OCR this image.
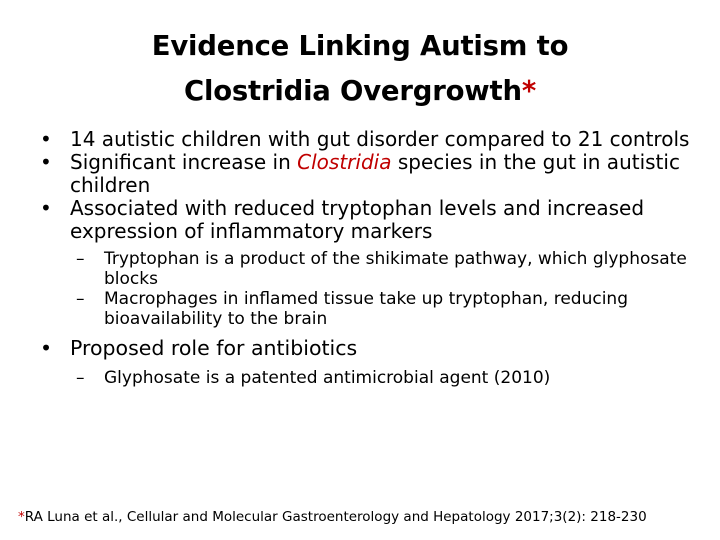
Evidence Linking Autism to
Clostridia Overgrowth*
• 14 autistic children with gut disorder compared to 21 controls
• Significant increase in Clostridia species in the gut in autistic children
• Associated with reduced tryptophan levels and increased expression of inflammatory markers
– Tryptophan is a product of the shikimate pathway, which glyphosate blocks
– Macrophages in inflamed tissue take up tryptophan, reducing bioavailability to the brain
• Proposed role for antibiotics
– Glyphosate is a patented antimicrobial agent (2010)
*RA Luna et al., Cellular and Molecular Gastroenterology and Hepatology 2017;3(2): 218-230
